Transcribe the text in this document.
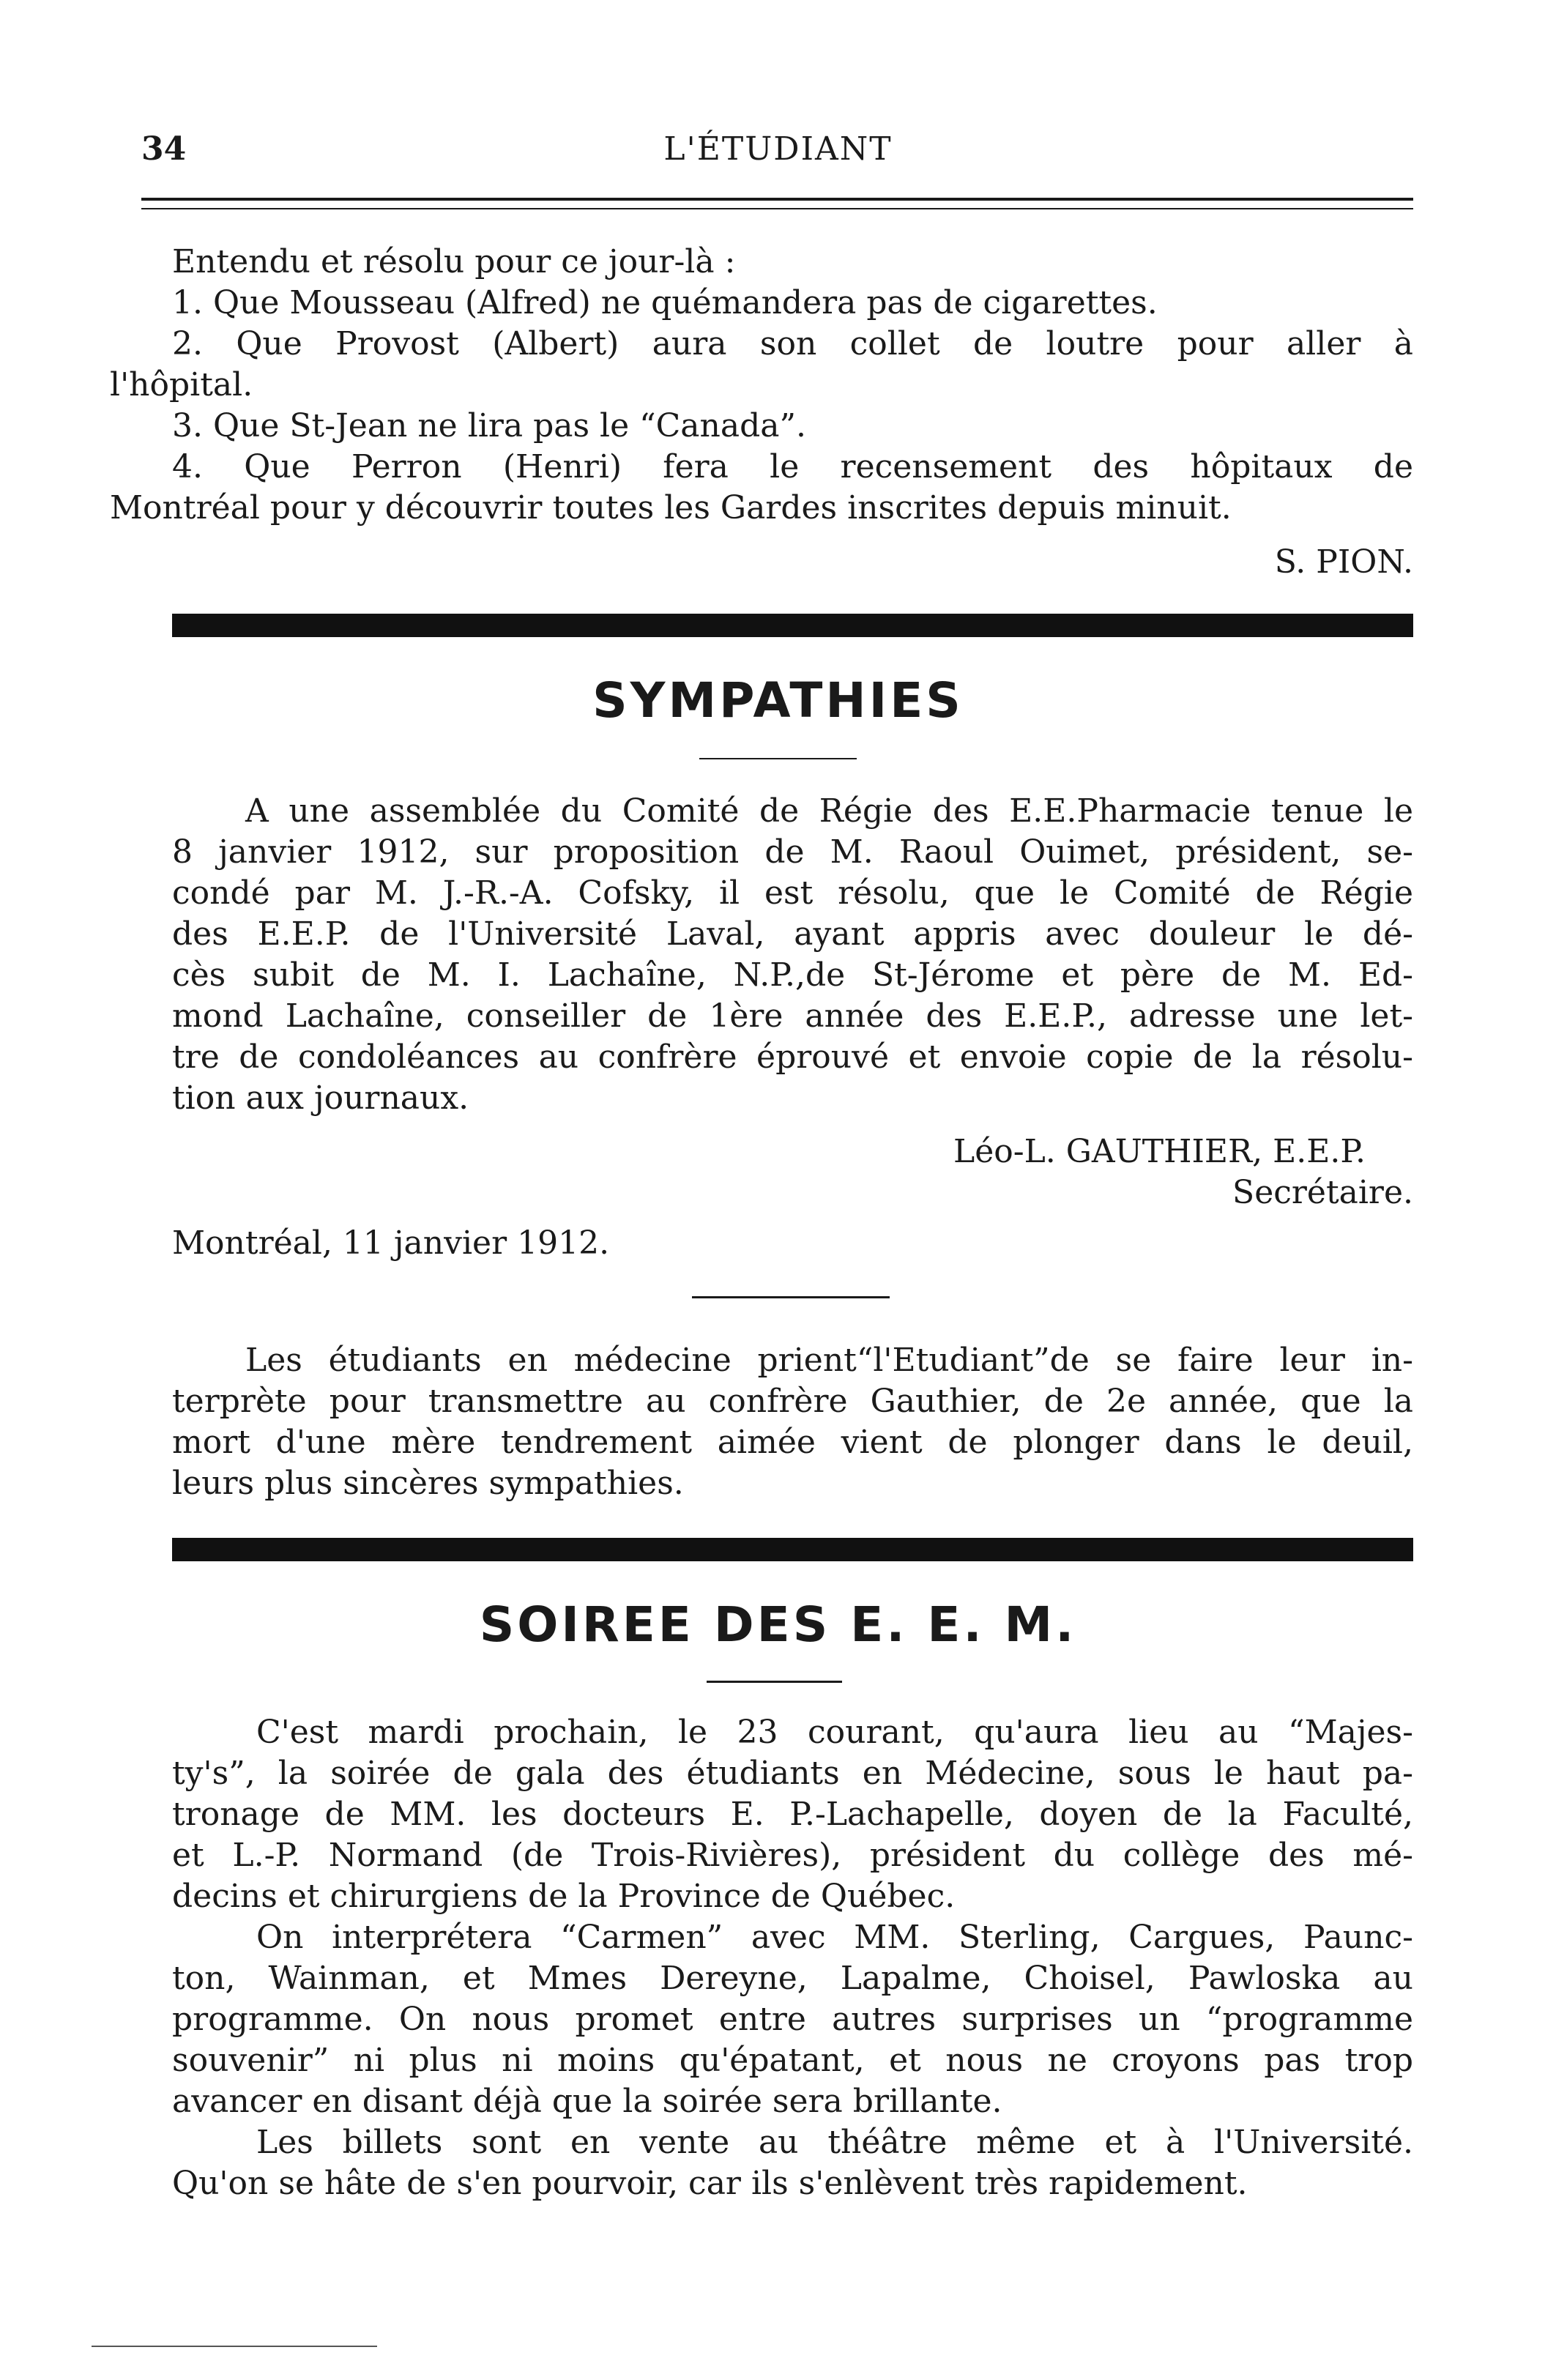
34	L'ÉTUDIANT
Entendu et résolu pour ce jour-là :
1. Que Mousseau (Alfred) ne quémandera pas de cigarettes.
2. Que Provost (Albert) aura son collet de loutre pour aller à
l'hôpital.
3. Que St-Jean ne lira pas le “Canada”.
4. Que Perron (Henri) fera le recensement des hôpitaux de
Montréal pour y découvrir toutes les Gardes inscrites depuis minuit.
S. PION.
SYMPATHIES
A une assemblée du Comité de Régie des E.E.Pharmacie tenue le
8 janvier 1912, sur proposition de M. Raoul Ouimet, président, se-
condé par M. J.-R.-A. Cofsky, il est résolu, que le Comité de Régie
des E.E.P. de l'Université Laval, ayant appris avec douleur le dé-
cès subit de M. I. Lachaîne, N.P.,de St-Jérome et père de M. Ed-
mond Lachaîne, conseiller de 1ère année des E.E.P., adresse une let-
tre de condoléances au confrère éprouvé et envoie copie de la résolu-
tion aux journaux.
Léo-L. GAUTHIER, E.E.P.
Secrétaire.
Montréal, 11 janvier 1912.
Les étudiants en médecine prient“l'Etudiant”de se faire leur in-
terprète pour transmettre au confrère Gauthier, de 2e année, que la
mort d'une mère tendrement aimée vient de plonger dans le deuil,
leurs plus sincères sympathies.
SOIREE DES E. E. M.
C'est mardi prochain, le 23 courant, qu'aura lieu au “Majes-
ty's”, la soirée de gala des étudiants en Médecine, sous le haut pa-
tronage de MM. les docteurs E. P.-Lachapelle, doyen de la Faculté,
et L.-P. Normand (de Trois-Rivières), président du collège des mé-
decins et chirurgiens de la Province de Québec.
On interprétera “Carmen” avec MM. Sterling, Cargues, Paunc-
ton, Wainman, et Mmes Dereyne, Lapalme, Choisel, Pawloska au
programme. On nous promet entre autres surprises un “programme
souvenir” ni plus ni moins qu'épatant, et nous ne croyons pas trop
avancer en disant déjà que la soirée sera brillante.
Les billets sont en vente au théâtre même et à l'Université.
Qu'on se hâte de s'en pourvoir, car ils s'enlèvent très rapidement.
